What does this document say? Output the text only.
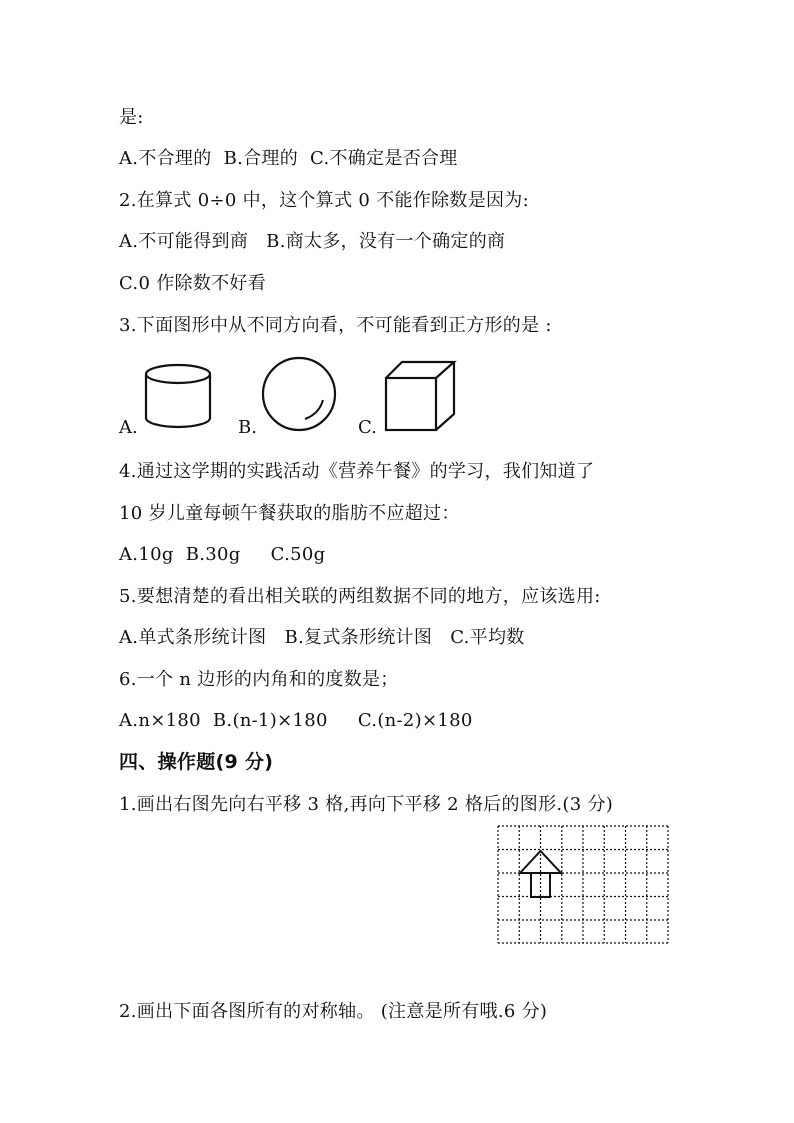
是:
A.不合理的  B.合理的  C.不确定是否合理
2.在算式 0÷0 中，这个算式 0 不能作除数是因为:
A.不可能得到商   B.商太多，没有一个确定的商
C.0 作除数不好看
3.下面图形中从不同方向看，不可能看到正方形的是 :
A.	B.	C.
4.通过这学期的实践活动《营养午餐》的学习，我们知道了
10 岁儿童每顿午餐获取的脂肪不应超过：
A.10g  B.30g     C.50g
5.要想清楚的看出相关联的两组数据不同的地方，应该选用:
A.单式条形统计图   B.复式条形统计图   C.平均数
6.一个 n 边形的内角和的度数是；
A.n×180  B.(n-1)×180     C.(n-2)×180
四、操作题(9 分)
1.画出右图先向右平移 3 格,再向下平移 2 格后的图形.(3 分)
2.画出下面各图所有的对称轴。 (注意是所有哦.6 分)
